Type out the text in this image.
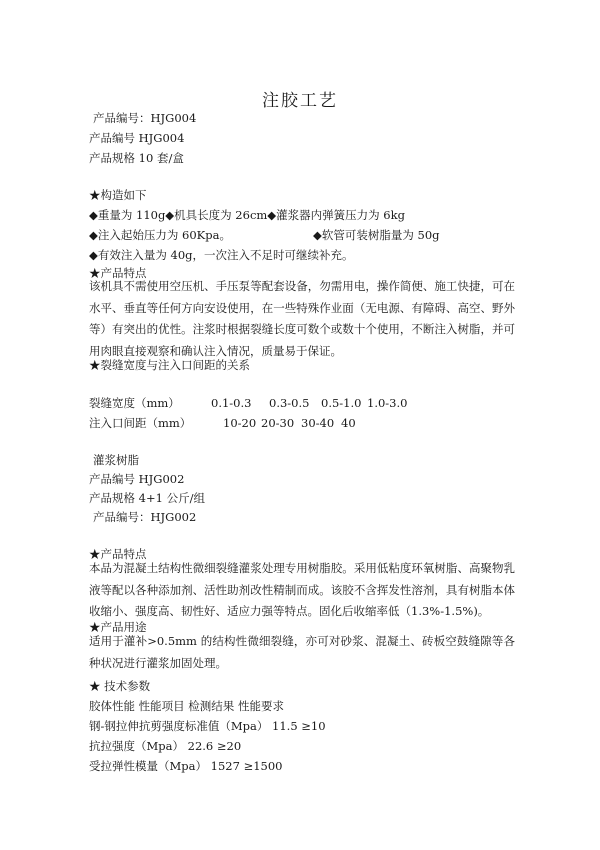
注胶工艺
产品编号：HJG004
产品编号 HJG004
产品规格 10 套/盒
★构造如下
◆重量为 110g◆机具长度为 26cm◆灌浆器内弹簧压力为 6kg
◆注入起始压力为 60Kpa。	◆软管可装树脂量为 50g
◆有效注入量为 40g，一次注入不足时可继续补充。
★产品特点
该机具不需使用空压机、手压泵等配套设备，勿需用电，操作简便、施工快捷，可在水平、垂直等任何方向安设使用，在一些特殊作业面（无电源、有障碍、高空、野外等）有突出的优性。注浆时根据裂缝长度可数个或数十个使用，不断注入树脂，并可用肉眼直接观察和确认注入情况，质量易于保证。
★裂缝宽度与注入口间距的关系
裂缝宽度（mm）	0.1-0.3 0.3-0.5 0.5-1.0 1.0-3.0
注入口间距（mm）	10-20 20-30 30-40 40
灌浆树脂
产品编号 HJG002
产品规格 4+1 公斤/组
产品编号：HJG002
★产品特点
本品为混凝土结构性微细裂缝灌浆处理专用树脂胶。采用低粘度环氧树脂、高聚物乳液等配以各种添加剂、活性助剂改性精制而成。该胶不含挥发性溶剂，具有树脂本体收缩小、强度高、韧性好、适应力强等特点。固化后收缩率低（1.3%-1.5%)。
★产品用途
适用于灌补>0.5mm 的结构性微细裂缝，亦可对砂浆、混凝土、砖板空鼓缝隙等各种状况进行灌浆加固处理。
★ 技术参数
胶体性能 性能项目 检测结果 性能要求
钢-钢拉伸抗剪强度标准值（Mpa） 11.5 ≥10
抗拉强度（Mpa） 22.6 ≥20
受拉弹性模量（Mpa） 1527 ≥1500
